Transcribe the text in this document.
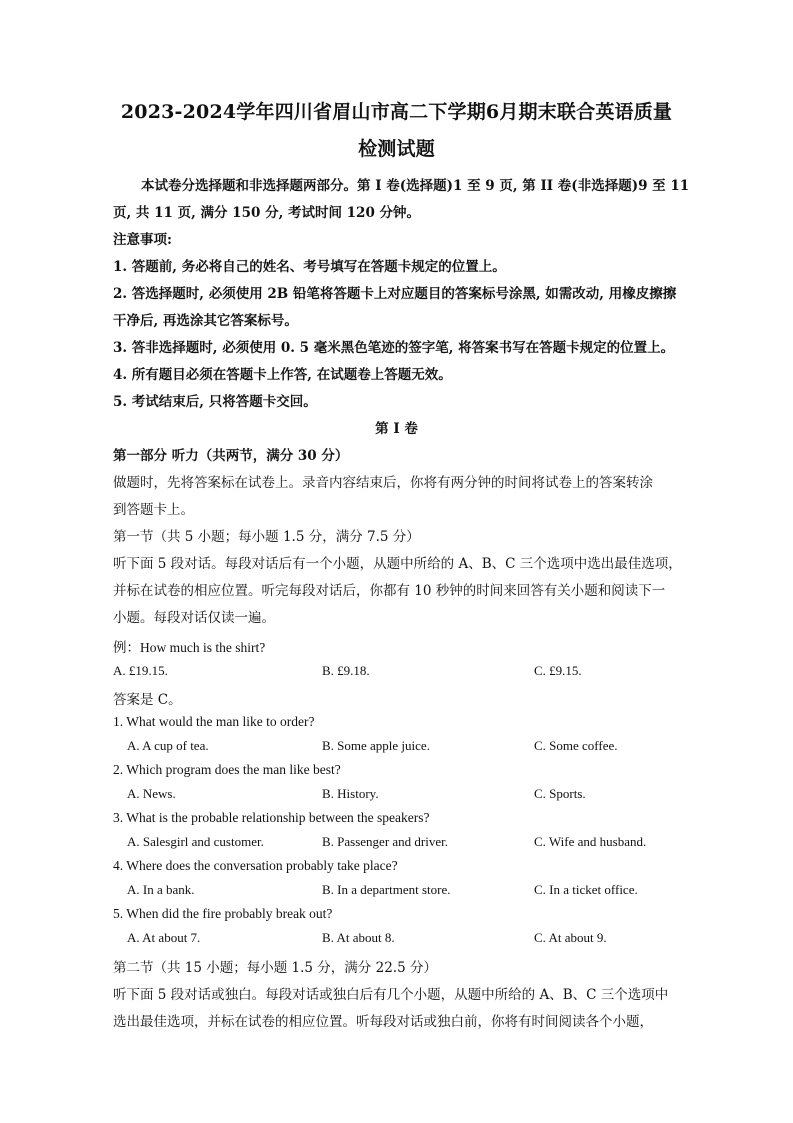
2023-2024学年四川省眉山市高二下学期6月期末联合英语质量
检测试题
本试卷分选择题和非选择题两部分。第 I 卷(选择题)1 至 9 页, 第 II 卷(非选择题)9 至 11
页, 共 11 页, 满分 150 分, 考试时间 120 分钟。
注意事项:
1. 答题前, 务必将自己的姓名、考号填写在答题卡规定的位置上。
2. 答选择题时, 必须使用 2B 铅笔将答题卡上对应题目的答案标号涂黑, 如需改动, 用橡皮擦擦
干净后, 再选涂其它答案标号。
3. 答非选择题时, 必须使用 0. 5 毫米黑色笔迹的签字笔, 将答案书写在答题卡规定的位置上。
4. 所有题目必须在答题卡上作答, 在试题卷上答题无效。
5. 考试结束后, 只将答题卡交回。
第 I 卷
第一部分 听力（共两节，满分 30 分）
做题时，先将答案标在试卷上。录音内容结束后，你将有两分钟的时间将试卷上的答案转涂
到答题卡上。
第一节（共 5 小题；每小题 1.5 分，满分 7.5 分）
听下面 5 段对话。每段对话后有一个小题，从题中所给的 A、B、C 三个选项中选出最佳选项，
并标在试卷的相应位置。听完每段对话后，你都有 10 秒钟的时间来回答有关小题和阅读下一
小题。每段对话仅读一遍。
例：How much is the shirt?
A. £19.15.	B. £9.18.	C. £9.15.
答案是 C。
1. What would the man like to order?
A. A cup of tea.	B. Some apple juice.	C. Some coffee.
2. Which program does the man like best?
A. News.	B. History.	C. Sports.
3. What is the probable relationship between the speakers?
A. Salesgirl and customer.	B. Passenger and driver.	C. Wife and husband.
4. Where does the conversation probably take place?
A. In a bank.	B. In a department store.	C. In a ticket office.
5. When did the fire probably break out?
A. At about 7.	B. At about 8.	C. At about 9.
第二节（共 15 小题；每小题 1.5 分，满分 22.5 分）
听下面 5 段对话或独白。每段对话或独白后有几个小题，从题中所给的 A、B、C 三个选项中
选出最佳选项，并标在试卷的相应位置。听每段对话或独白前，你将有时间阅读各个小题，
